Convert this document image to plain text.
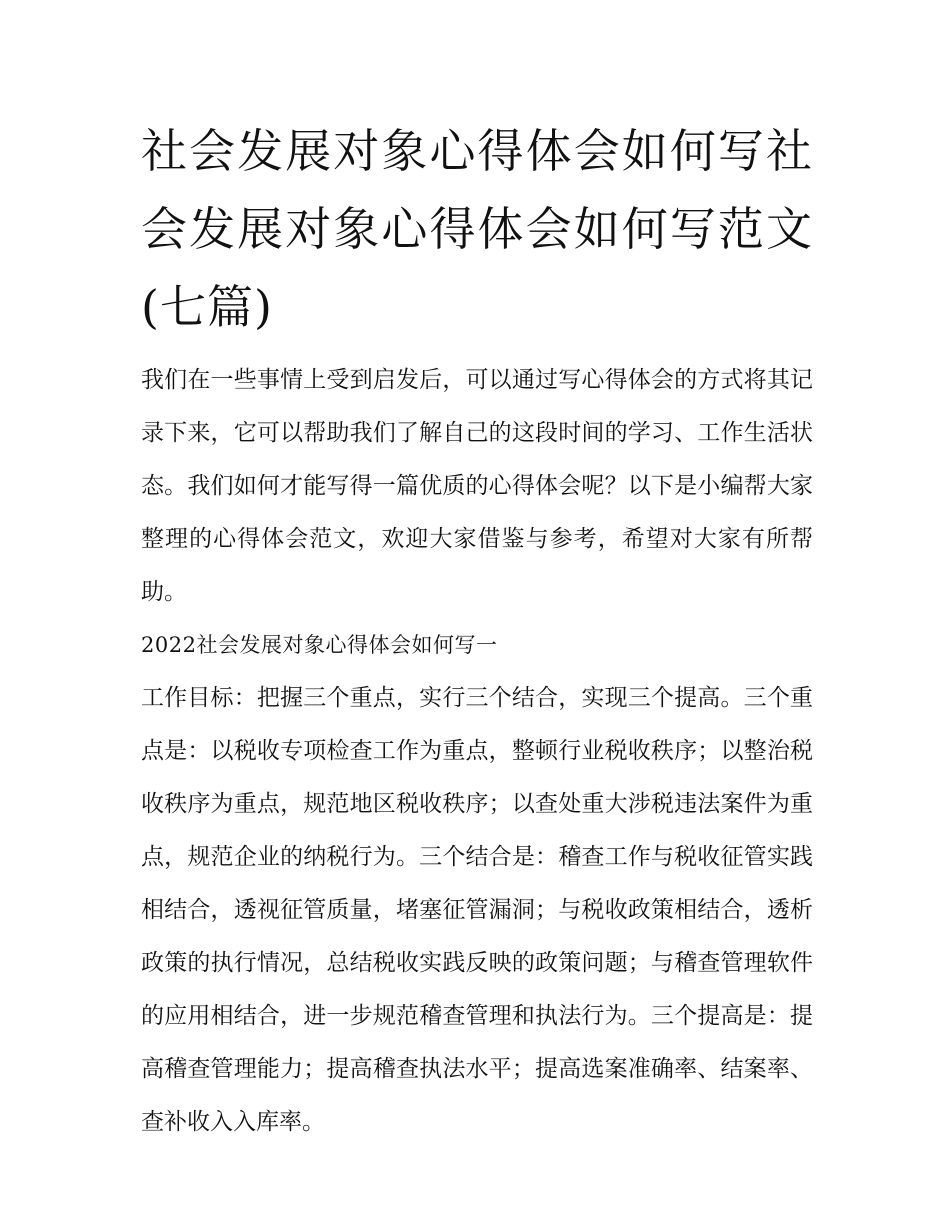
社会发展对象心得体会如何写社会发展对象心得体会如何写范文(七篇)

我们在一些事情上受到启发后，可以通过写心得体会的方式将其记录下来，它可以帮助我们了解自己的这段时间的学习、工作生活状态。我们如何才能写得一篇优质的心得体会呢？以下是小编帮大家整理的心得体会范文，欢迎大家借鉴与参考，希望对大家有所帮助。

2022社会发展对象心得体会如何写一

工作目标：把握三个重点，实行三个结合，实现三个提高。三个重点是：以税收专项检查工作为重点，整顿行业税收秩序；以整治税收秩序为重点，规范地区税收秩序；以查处重大涉税违法案件为重点，规范企业的纳税行为。三个结合是：稽查工作与税收征管实践相结合，透视征管质量，堵塞征管漏洞；与税收政策相结合，透析政策的执行情况，总结税收实践反映的政策问题；与稽查管理软件的应用相结合，进一步规范稽查管理和执法行为。三个提高是：提高稽查管理能力；提高稽查执法水平；提高选案准确率、结案率、查补收入入库率。
